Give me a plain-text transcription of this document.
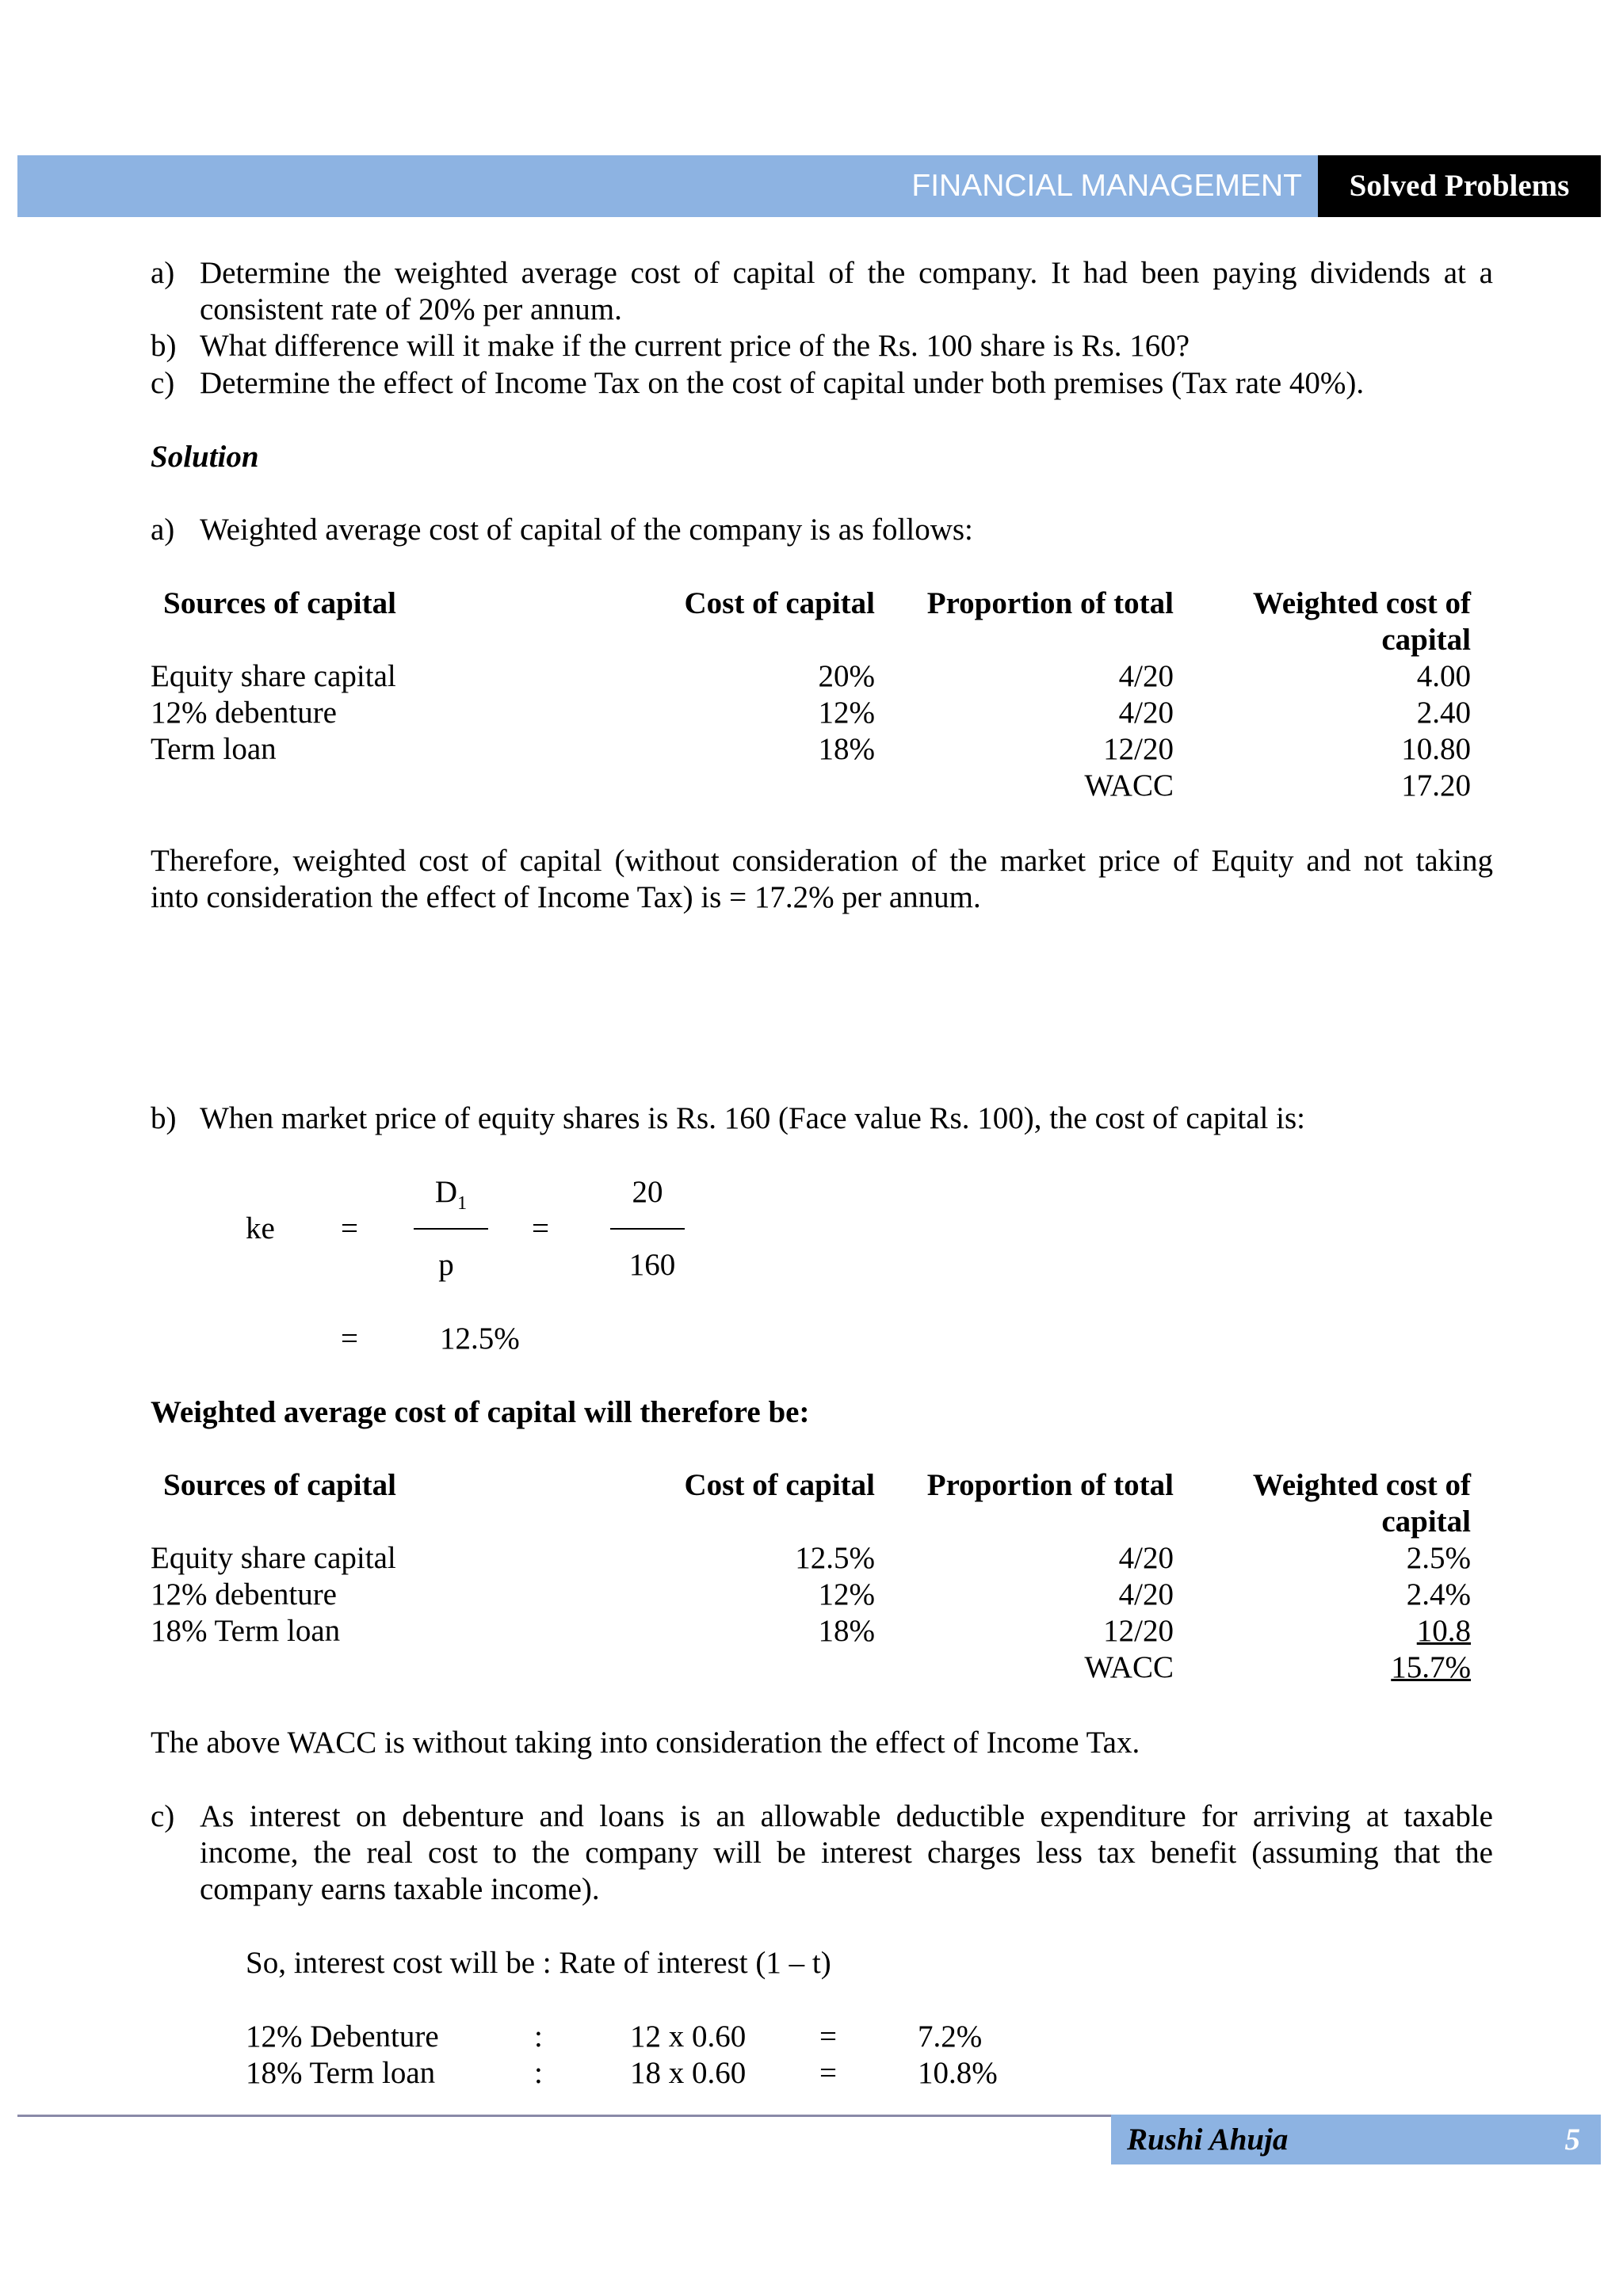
FINANCIAL MANAGEMENT	Solved Problems
a) Determine the weighted average cost of capital of the company. It had been paying dividends at a
consistent rate of 20% per annum.
b) What difference will it make if the current price of the Rs. 100 share is Rs. 160?
c) Determine the effect of Income Tax on the cost of capital under both premises (Tax rate 40%).
Solution
a) Weighted average cost of capital of the company is as follows:
Sources of capital	Cost of capital	Proportion of total	Weighted cost of
			capital
Equity share capital	20%	4/20	4.00
12% debenture	12%	4/20	2.40
Term loan	18%	12/20	10.80
		WACC	17.20
Therefore, weighted cost of capital (without consideration of the market price of Equity and not taking
into consideration the effect of Income Tax) is = 17.2% per annum.
b) When market price of equity shares is Rs. 160 (Face value Rs. 100), the cost of capital is:
ke =
$D_1$
p
=
20
160
=	12.5%
Weighted average cost of capital will therefore be:
Sources of capital	Cost of capital	Proportion of total	Weighted cost of
			capital
Equity share capital	12.5%	4/20	2.5%
12% debenture	12%	4/20	2.4%
18% Term loan	18%	12/20	10.8
		WACC	15.7%
The above WACC is without taking into consideration the effect of Income Tax.
c) As interest on debenture and loans is an allowable deductible expenditure for arriving at taxable
income, the real cost to the company will be interest charges less tax benefit (assuming that the
company earns taxable income).
So, interest cost will be : Rate of interest (1 – t)
12% Debenture	:	12 x 0.60 =	7.2%
18% Term loan	:	18 x 0.60 =	10.8%
Rushi Ahuja	5
